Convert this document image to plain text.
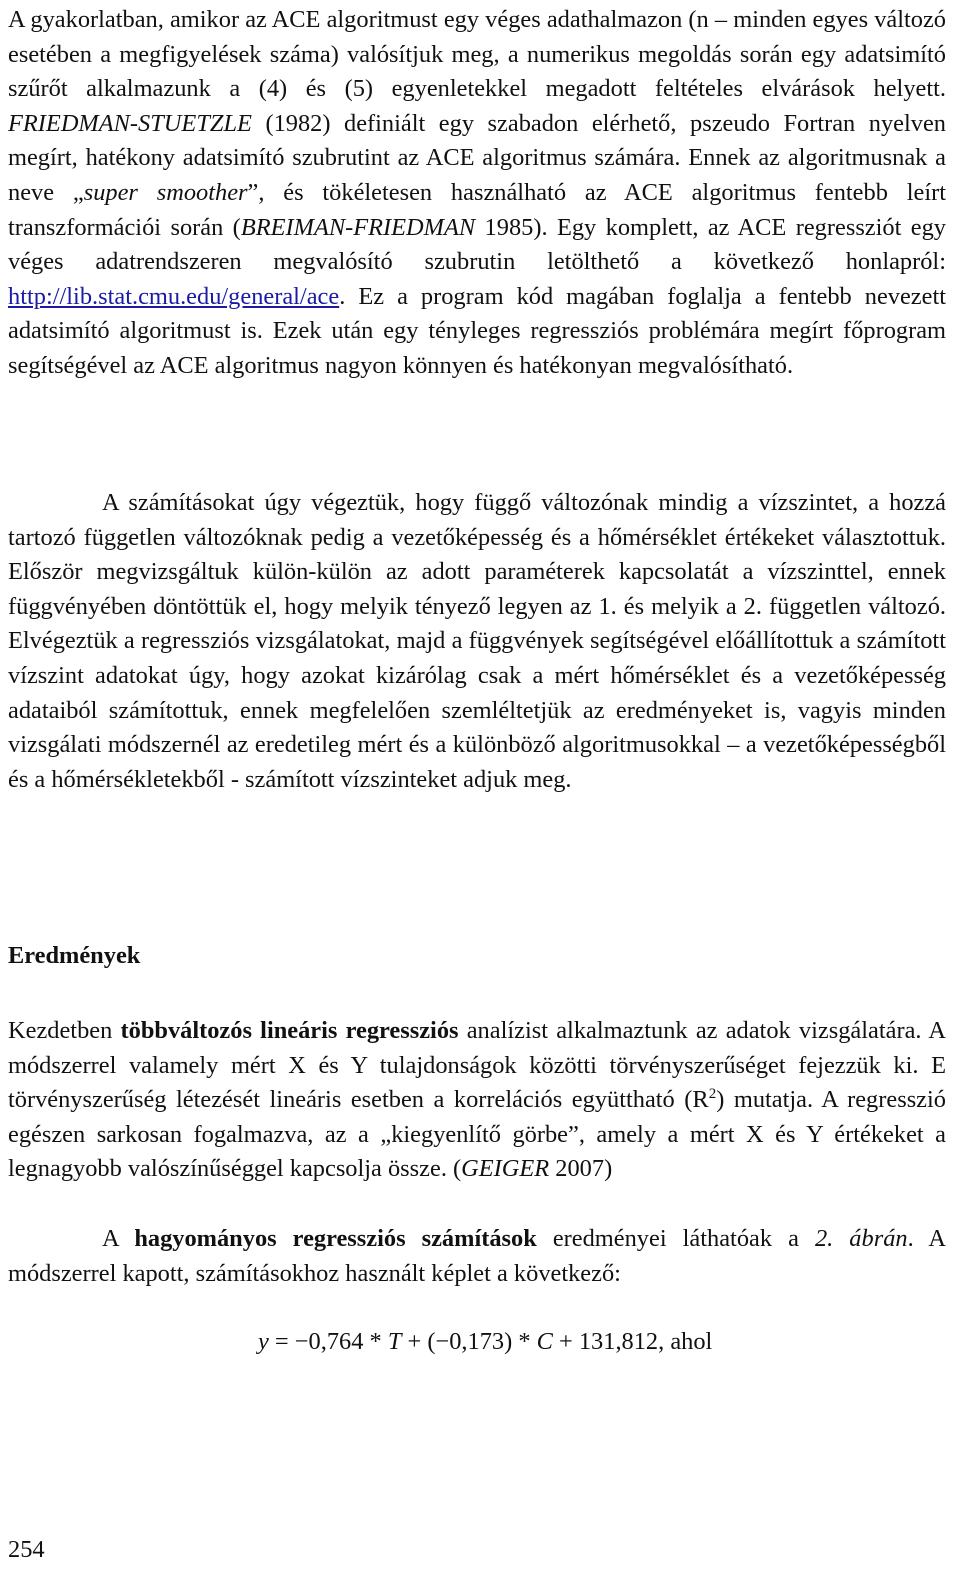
A gyakorlatban, amikor az ACE algoritmust egy véges adathalmazon (n – minden egyes változó esetében a megfigyelések száma) valósítjuk meg, a numerikus megoldás során egy adatsimító szűrőt alkalmazunk a (4) és (5) egyenletekkel megadott feltételes elvárások helyett. FRIEDMAN-STUETZLE (1982) definiált egy szabadon elérhető, pszeudo Fortran nyelven megírt, hatékony adatsimító szubrutint az ACE algoritmus számára. Ennek az algoritmusnak a neve „super smoother”, és tökéletesen használható az ACE algoritmus fentebb leírt transzformációi során (BREIMAN-FRIEDMAN 1985). Egy komplett, az ACE regressziót egy véges adatrendszeren megvalósító szubrutin letölthető a következő honlapról: http://lib.stat.cmu.edu/general/ace. Ez a program kód magában foglalja a fentebb nevezett adatsimító algoritmust is. Ezek után egy tényleges regressziós problémára megírt főprogram segítségével az ACE algoritmus nagyon könnyen és hatékonyan megvalósítható.

A számításokat úgy végeztük, hogy függő változónak mindig a vízszintet, a hozzá tartozó független változóknak pedig a vezetőképesség és a hőmérséklet értékeket választottuk. Először megvizsgáltuk külön-külön az adott paraméterek kapcsolatát a vízszinttel, ennek függvényében döntöttük el, hogy melyik tényező legyen az 1. és melyik a 2. független változó. Elvégeztük a regressziós vizsgálatokat, majd a függvények segítségével előállítottuk a számított vízszint adatokat úgy, hogy azokat kizárólag csak a mért hőmérséklet és a vezetőképesség adataiból számítottuk, ennek megfelelően szemléltetjük az eredményeket is, vagyis minden vizsgálati módszernél az eredetileg mért és a különböző algoritmusokkal – a vezetőképességből és a hőmérsékletekből - számított vízszinteket adjuk meg.

Eredmények

Kezdetben többváltozós lineáris regressziós analízist alkalmaztunk az adatok vizsgálatára. A módszerrel valamely mért X és Y tulajdonságok közötti törvényszerűséget fejezzük ki. E törvényszerűség létezését lineáris esetben a korrelációs együttható $(R^2)$ mutatja. A regresszió egészen sarkosan fogalmazva, az a „kiegyenlítő görbe”, amely a mért X és Y értékeket a legnagyobb valószínűséggel kapcsolja össze. (GEIGER 2007)

A hagyományos regressziós számítások eredményei láthatóak a 2. ábrán. A módszerrel kapott, számításokhoz használt képlet a következő:

y = −0,764 * T + (−0,173) * C + 131,812, ahol

254
